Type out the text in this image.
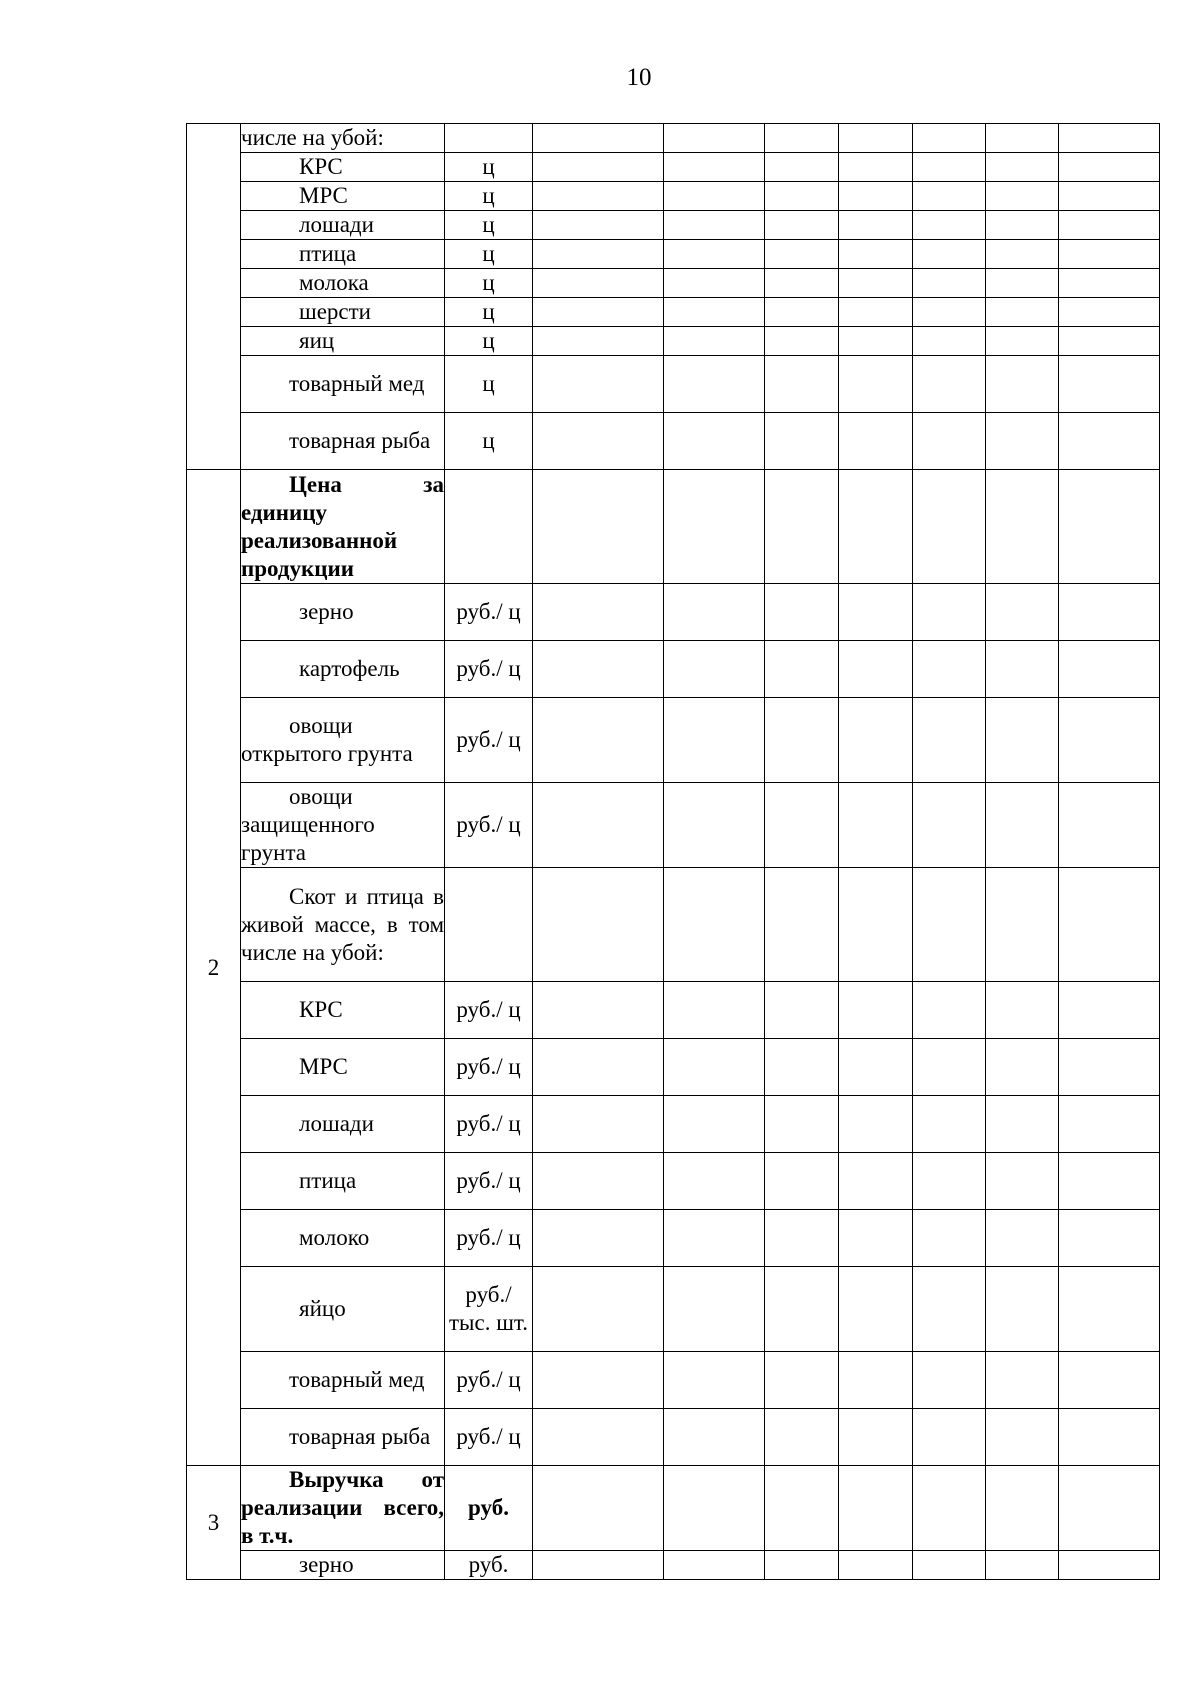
10
	числе на убой:								
	КРС	ц							
	МРС	ц							
	лошади	ц							
	птица	ц							
	молока	ц							
	шерсти	ц							
	яиц	ц							
	товарный мед	ц							
	товарная рыба	ц							
2	Цена за единицу реализованной продукции								
	зерно	руб./ ц							
	картофель	руб./ ц							
	овощи открытого грунта	руб./ ц							
	овощи защищенного грунта	руб./ ц							
	Скот и птица в живой массе, в том числе на убой:								
	КРС	руб./ ц							
	МРС	руб./ ц							
	лошади	руб./ ц							
	птица	руб./ ц							
	молоко	руб./ ц							
	яйцо	руб./ тыс. шт.							
	товарный мед	руб./ ц							
	товарная рыба	руб./ ц							
3	Выручка от реализации всего, в т.ч.	руб.							
	зерно	руб.							
